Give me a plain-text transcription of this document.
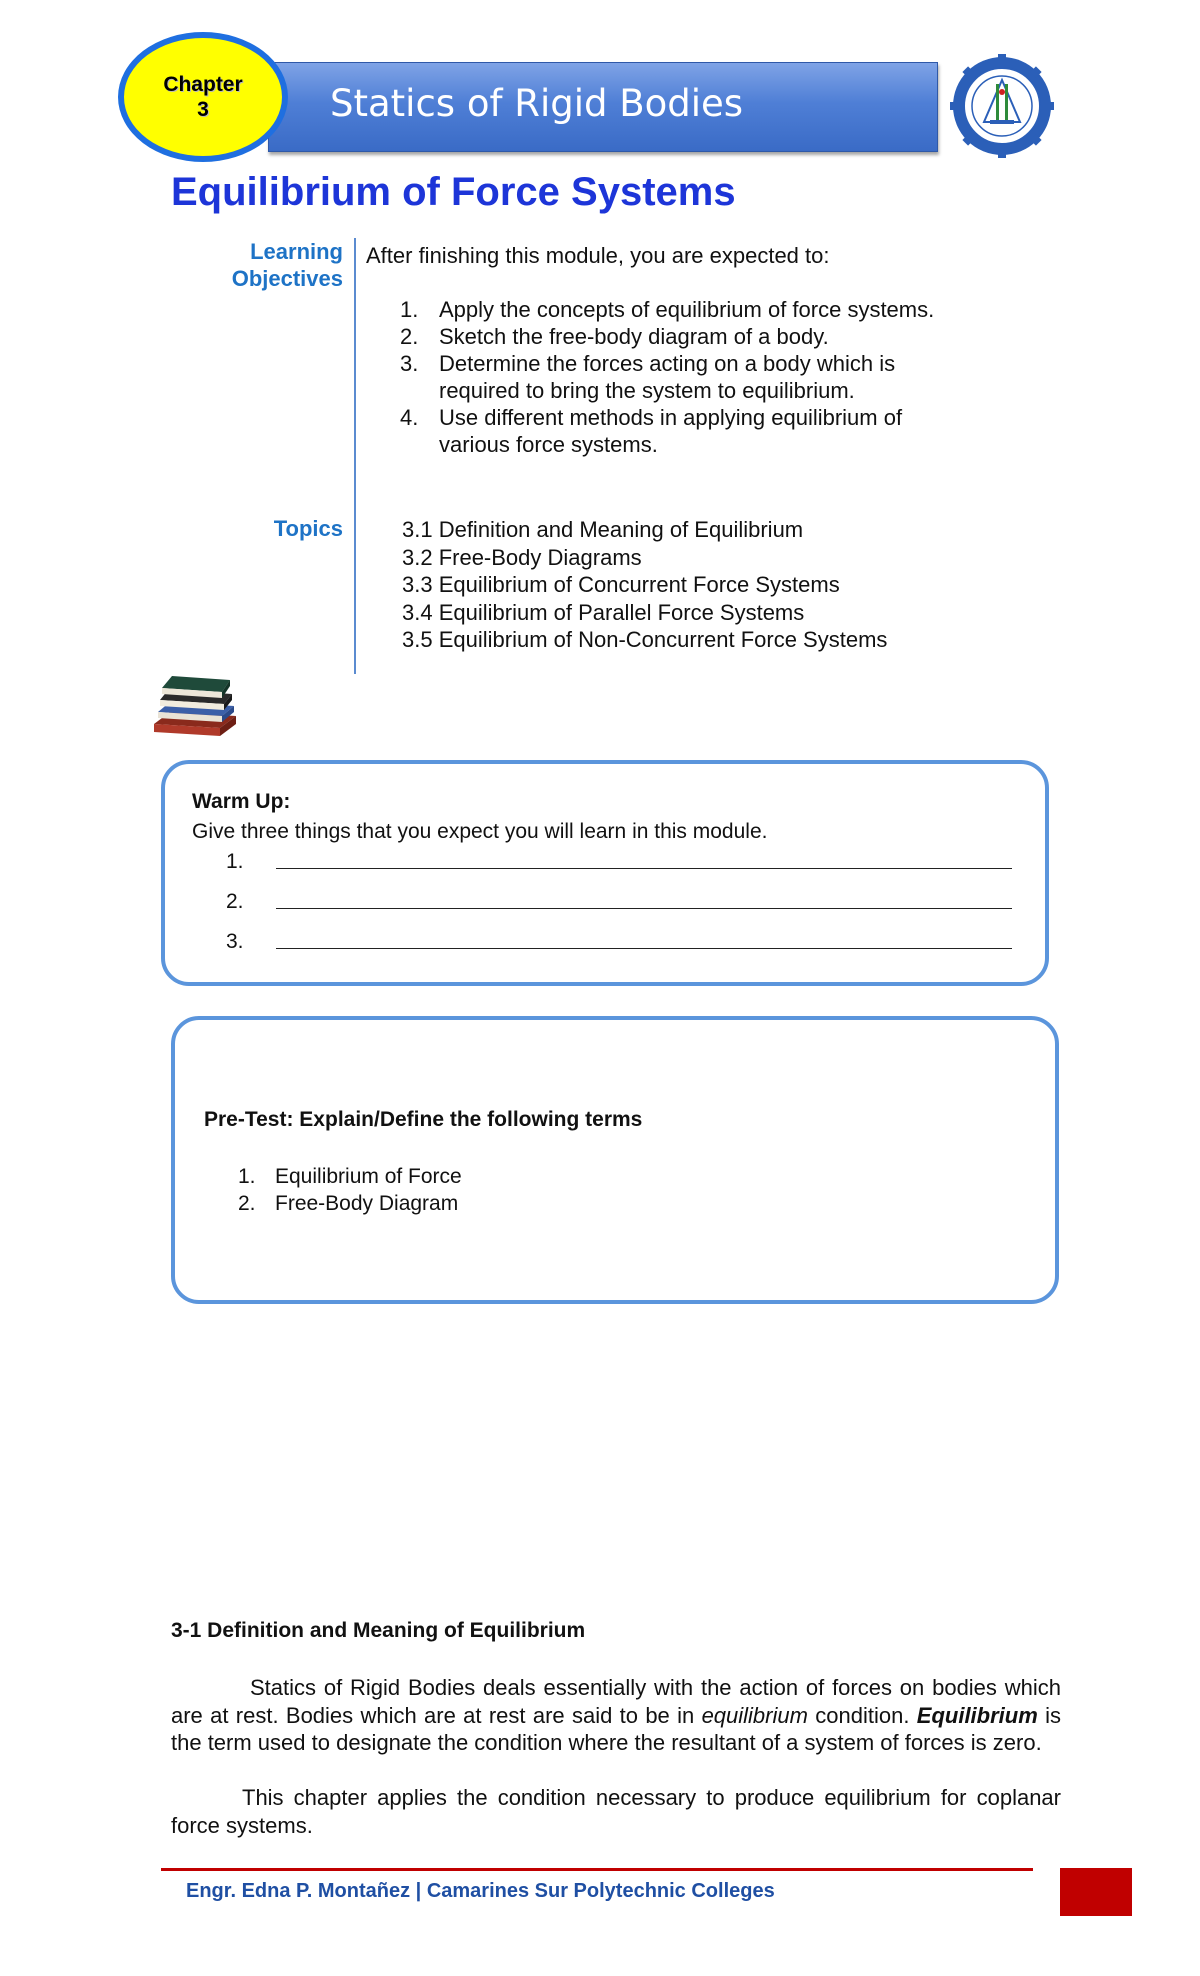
Statics of Rigid Bodies
Chapter
3
Equilibrium of Force Systems
Learning
Objectives
After finishing this module, you are expected to:
1. Apply the concepts of equilibrium of force systems.
2. Sketch the free-body diagram of a body.
3. Determine the forces acting on a body which is required to bring the system to equilibrium.
4. Use different methods in applying equilibrium of various force systems.
Topics	3.1 Definition and Meaning of Equilibrium
3.2 Free-Body Diagrams
3.3 Equilibrium of Concurrent Force Systems
3.4 Equilibrium of Parallel Force Systems
3.5 Equilibrium of Non-Concurrent Force Systems
Warm Up:
Give three things that you expect you will learn in this module.
1.
2.
3.
Pre-Test: Explain/Define the following terms
1. Equilibrium of Force
2. Free-Body Diagram
3-1 Definition and Meaning of Equilibrium
Statics of Rigid Bodies deals essentially with the action of forces on bodies which are at rest. Bodies which are at rest are said to be in equilibrium condition. Equilibrium is the term used to designate the condition where the resultant of a system of forces is zero.
This chapter applies the condition necessary to produce equilibrium for coplanar force systems.
Engr. Edna P. Montañez | Camarines Sur Polytechnic Colleges
